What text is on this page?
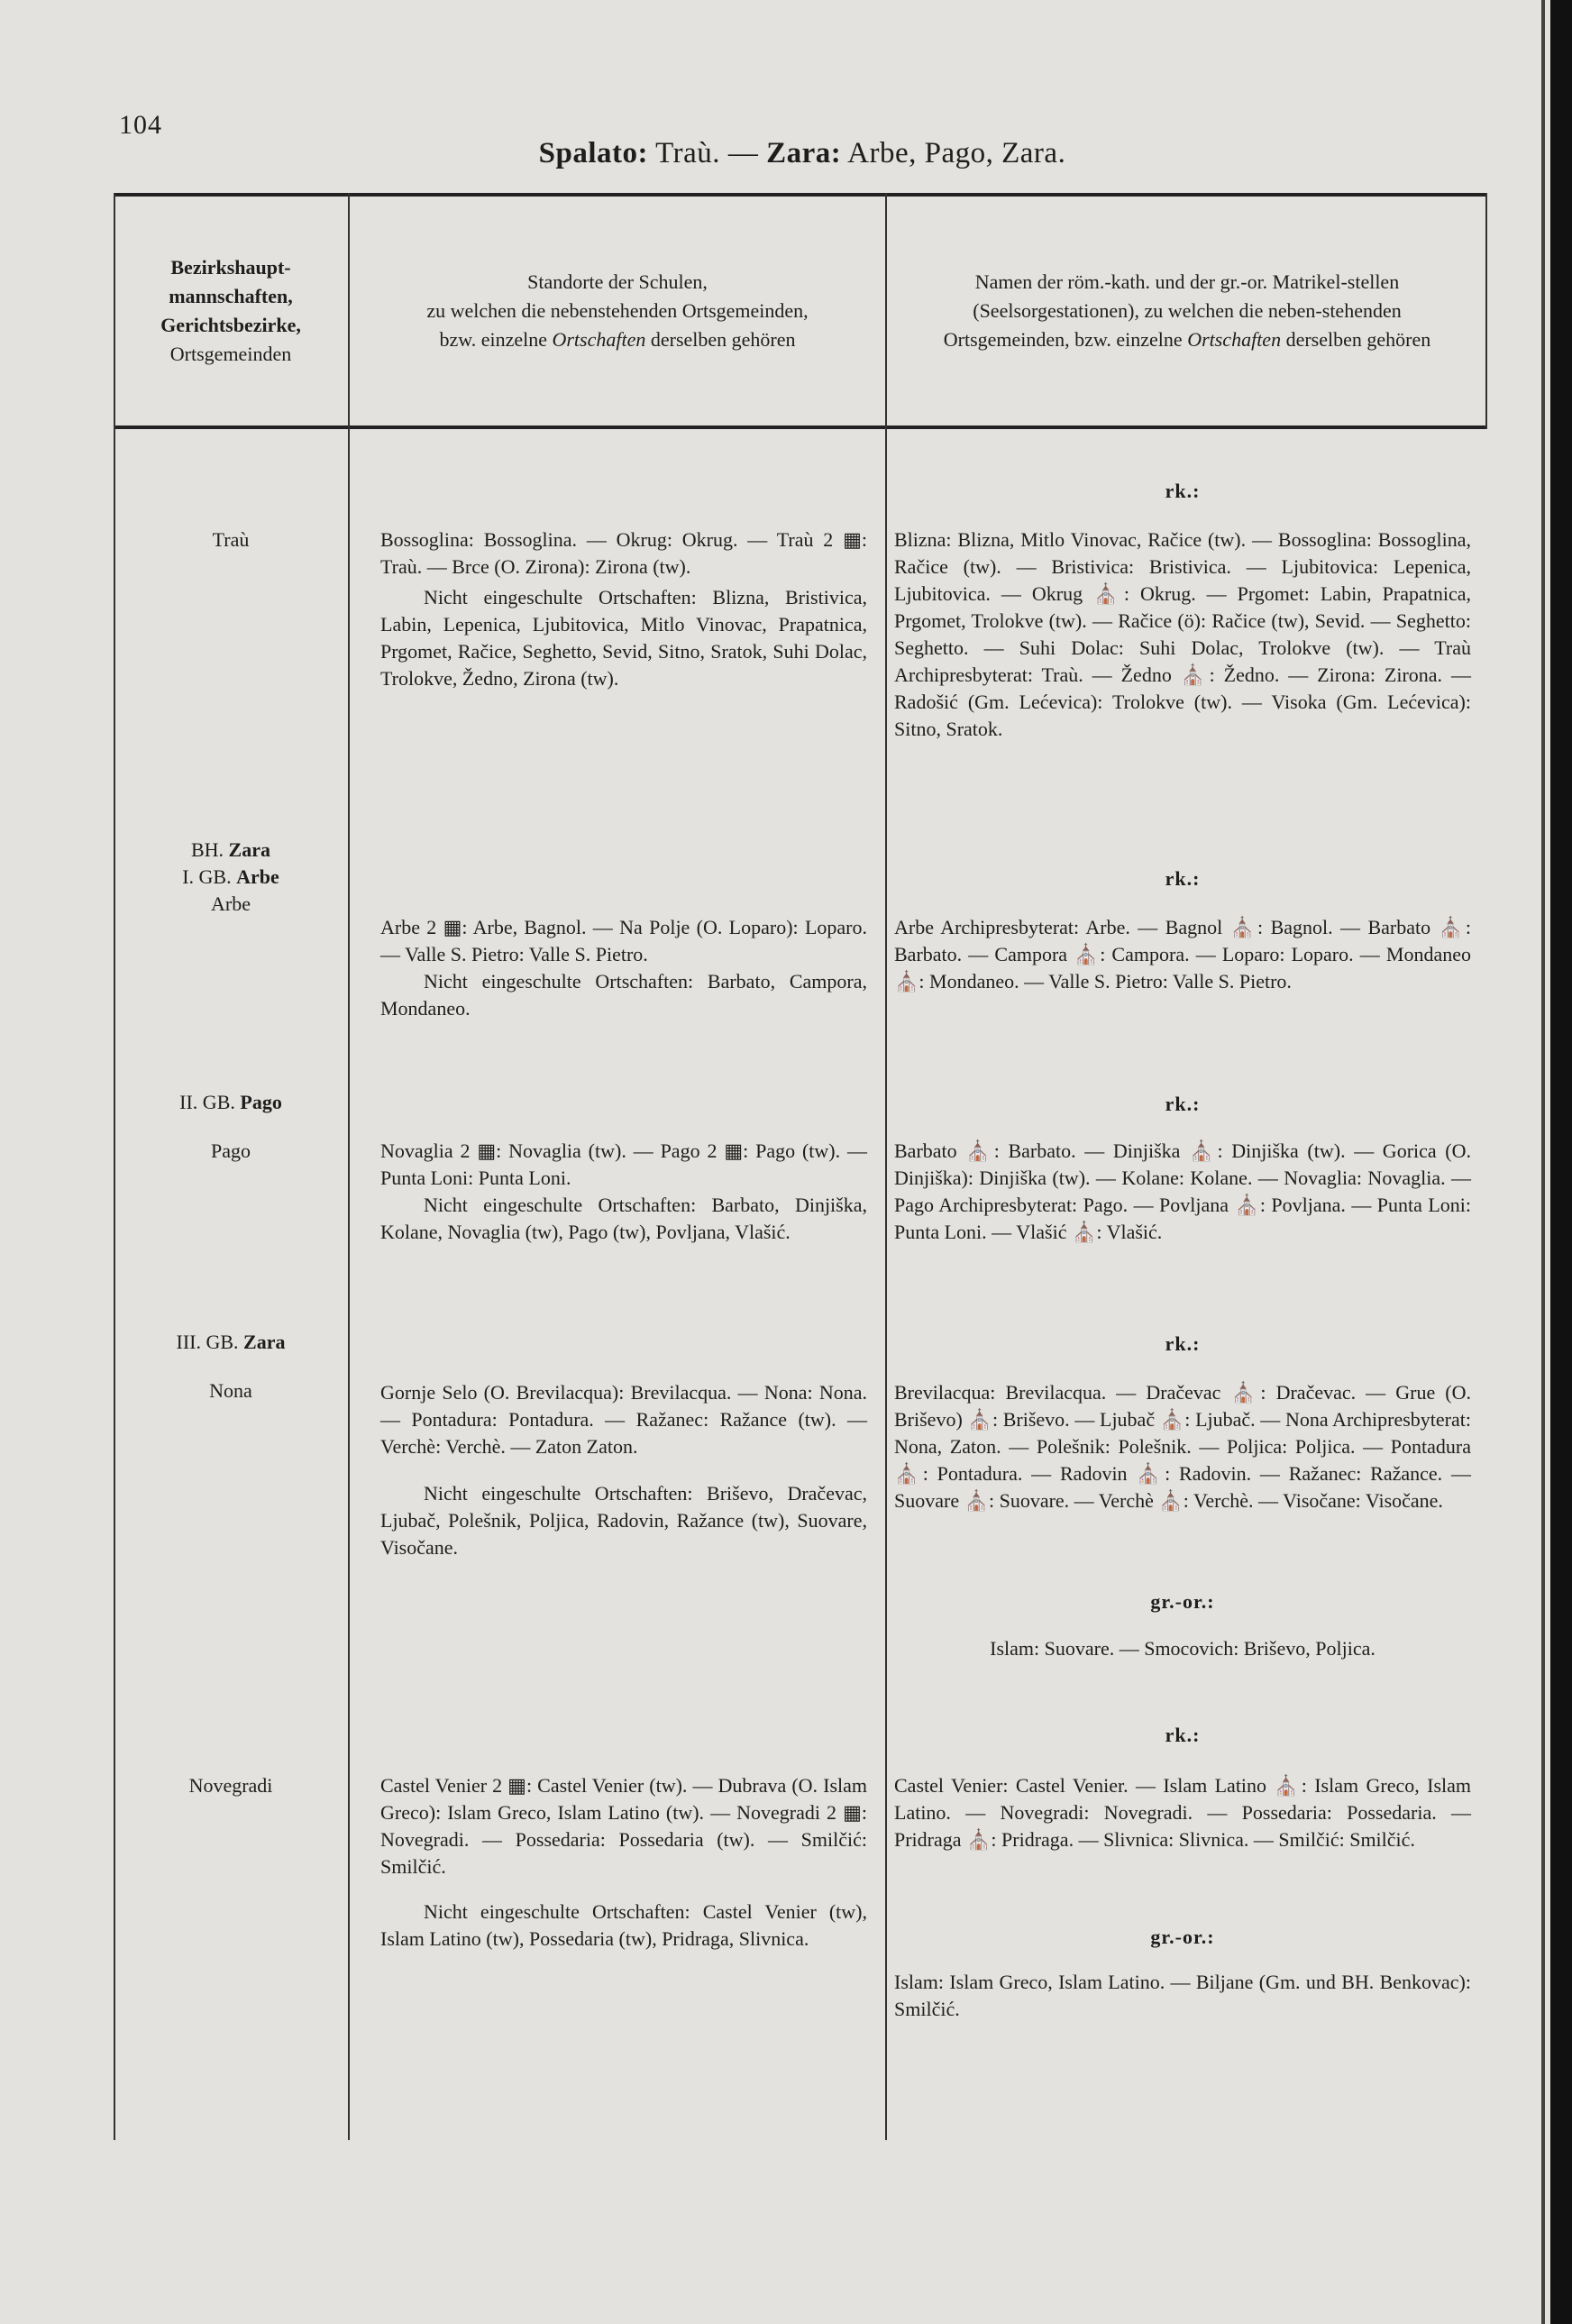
104
Spalato: Traù. — Zara: Arbe, Pago, Zara.
Bezirkshaupt-mannschaften, Gerichtsbezirke,
Ortsgemeinden
Standorte der Schulen,
zu welchen die nebenstehenden Ortsgemeinden,
bzw. einzelne Ortschaften derselben gehören
Namen der röm.-kath. und der gr.-or. Matrikel-stellen (Seelsorgestationen), zu welchen die neben-stehenden Ortsgemeinden, bzw. einzelne Ortschaften derselben gehören
rk.:
Traù	Bossoglina: Bossoglina. — Okrug: Okrug. — Traù 2 ▦: Traù. — Brce (O. Zirona): Zirona (tw).

Nicht eingeschulte Ortschaften: Blizna, Bristivica, Labin, Lepenica, Ljubitovica, Mitlo Vinovac, Prapatnica, Prgomet, Račice, Seghetto, Sevid, Sitno, Sratok, Suhi Dolac, Trolokve, Žedno, Zirona (tw).

Blizna: Blizna, Mitlo Vinovac, Račice (tw). — Bossoglina: Bossoglina, Račice (tw). — Bristivica: Bristivica. — Ljubitovica: Lepenica, Ljubitovica. — Okrug ⛪: Okrug. — Prgomet: Labin, Prapatnica, Prgomet, Trolokve (tw). — Račice (ö): Račice (tw), Sevid. — Seghetto: Seghetto. — Suhi Dolac: Suhi Dolac, Trolokve (tw). — Traù Archipresbyterat: Traù. — Žedno ⛪: Žedno. — Zirona: Zirona. — Radošić (Gm. Lećevica): Trolokve (tw). — Visoka (Gm. Lećevica): Sitno, Sratok.
BH. Zara
I. GB. Arbe
Arbe
rk.:

Arbe 2 ▦: Arbe, Bagnol. — Na Polje (O. Loparo): Loparo. — Valle S. Pietro: Valle S. Pietro.

Nicht eingeschulte Ortschaften: Barbato, Campora, Mondaneo.

Arbe Archipresbyterat: Arbe. — Bagnol ⛪: Bagnol. — Barbato ⛪: Barbato. — Campora ⛪: Campora. — Loparo: Loparo. — Mondaneo ⛪: Mondaneo. — Valle S. Pietro: Valle S. Pietro.
II. GB. Pago
Pago
rk.:

Novaglia 2 ▦: Novaglia (tw). — Pago 2 ▦: Pago (tw). — Punta Loni: Punta Loni.

Nicht eingeschulte Ortschaften: Barbato, Dinjiška, Kolane, Novaglia (tw), Pago (tw), Povljana, Vlašić.

Barbato ⛪: Barbato. — Dinjiška ⛪: Dinjiška (tw). — Gorica (O. Dinjiška): Dinjiška (tw). — Kolane: Kolane. — Novaglia: Novaglia. — Pago Archipresbyterat: Pago. — Povljana ⛪: Povljana. — Punta Loni: Punta Loni. — Vlašić ⛪: Vlašić.
III. GB. Zara
Nona
rk.:

Gornje Selo (O. Brevilacqua): Brevilacqua. — Nona: Nona. — Pontadura: Pontadura. — Ražanec: Ražance (tw). — Verchè: Verchè. — Zaton Zaton.

Nicht eingeschulte Ortschaften: Briševo, Dračevac, Ljubač, Polešnik, Poljica, Radovin, Ražance (tw), Suovare, Visočane.

Brevilacqua: Brevilacqua. — Dračevac ⛪: Dračevac. — Grue (O. Briševo) ⛪: Briševo. — Ljubač ⛪: Ljubač. — Nona Archipresbyterat: Nona, Zaton. — Polešnik: Polešnik. — Poljica: Poljica. — Pontadura ⛪: Pontadura. — Radovin ⛪: Radovin. — Ražanec: Ražance. — Suovare ⛪: Suovare. — Verchè ⛪: Verchè. — Visočane: Visočane.
gr.-or.:
Islam: Suovare. — Smocovich: Briševo, Poljica.
rk.:
Novegradi	Castel Venier 2 ▦: Castel Venier (tw). — Dubrava (O. Islam Greco): Islam Greco, Islam Latino (tw). — Novegradi 2 ▦: Novegradi. — Possedaria: Possedaria (tw). — Smilčić: Smilčić.

Nicht eingeschulte Ortschaften: Castel Venier (tw), Islam Latino (tw), Possedaria (tw), Pridraga, Slivnica.

Castel Venier: Castel Venier. — Islam Latino ⛪: Islam Greco, Islam Latino. — Novegradi: Novegradi. — Possedaria: Possedaria. — Pridraga ⛪: Pridraga. — Slivnica: Slivnica. — Smilčić: Smilčić.
gr.-or.:
Islam: Islam Greco, Islam Latino. — Biljane (Gm. und BH. Benkovac): Smilčić.
